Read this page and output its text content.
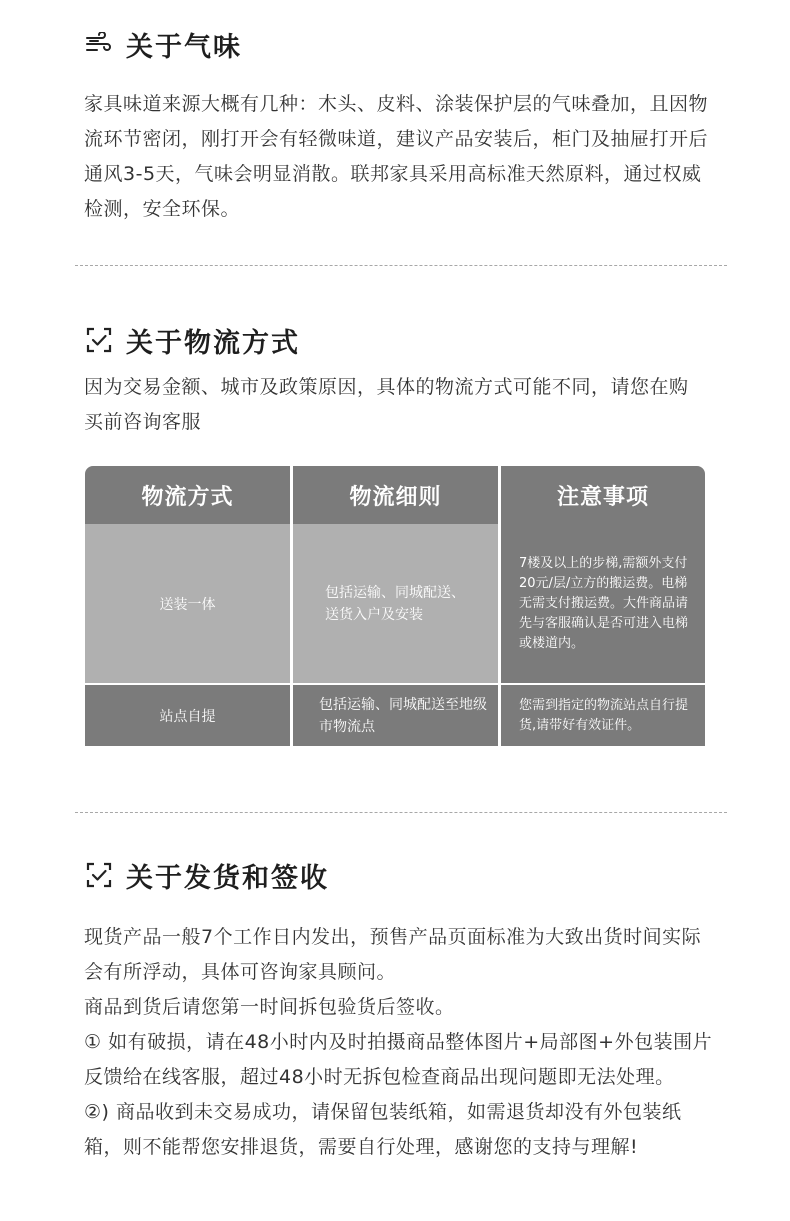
关于气味
家具味道来源大概有几种：木头、皮料、涂装保护层的气味叠加，且因物流环节密闭，刚打开会有轻微味道，建议产品安装后，柜门及抽屉打开后通风3-5天，气味会明显消散。联邦家具采用高标准天然原料，通过权威检测，安全环保。
关于物流方式
因为交易金额、城市及政策原因，具体的物流方式可能不同，请您在购买前咨询客服
物流方式	物流细则	注意事项
送装一体
包括运输、同城配送、送货入户及安装
7楼及以上的步梯,需额外支付20元/层/立方的搬运费。电梯无需支付搬运费。大件商品请先与客服确认是否可进入电梯或楼道内。
站点自提
包括运输、同城配送至地级市物流点
您需到指定的物流站点自行提货,请带好有效证件。
关于发货和签收

现货产品一般7个工作日内发出，预售产品页面标准为大致出货时间实际会有所浮动，具体可咨询家具顾问。

商品到货后请您第一时间拆包验货后签收。

① 如有破损，请在48小时内及时拍摄商品整体图片+局部图+外包装围片反馈给在线客服，超过48小时无拆包检查商品出现问题即无法处理。

②) 商品收到未交易成功，请保留包装纸箱，如需退货却没有外包装纸箱，则不能帮您安排退货，需要自行处理，感谢您的支持与理解!
